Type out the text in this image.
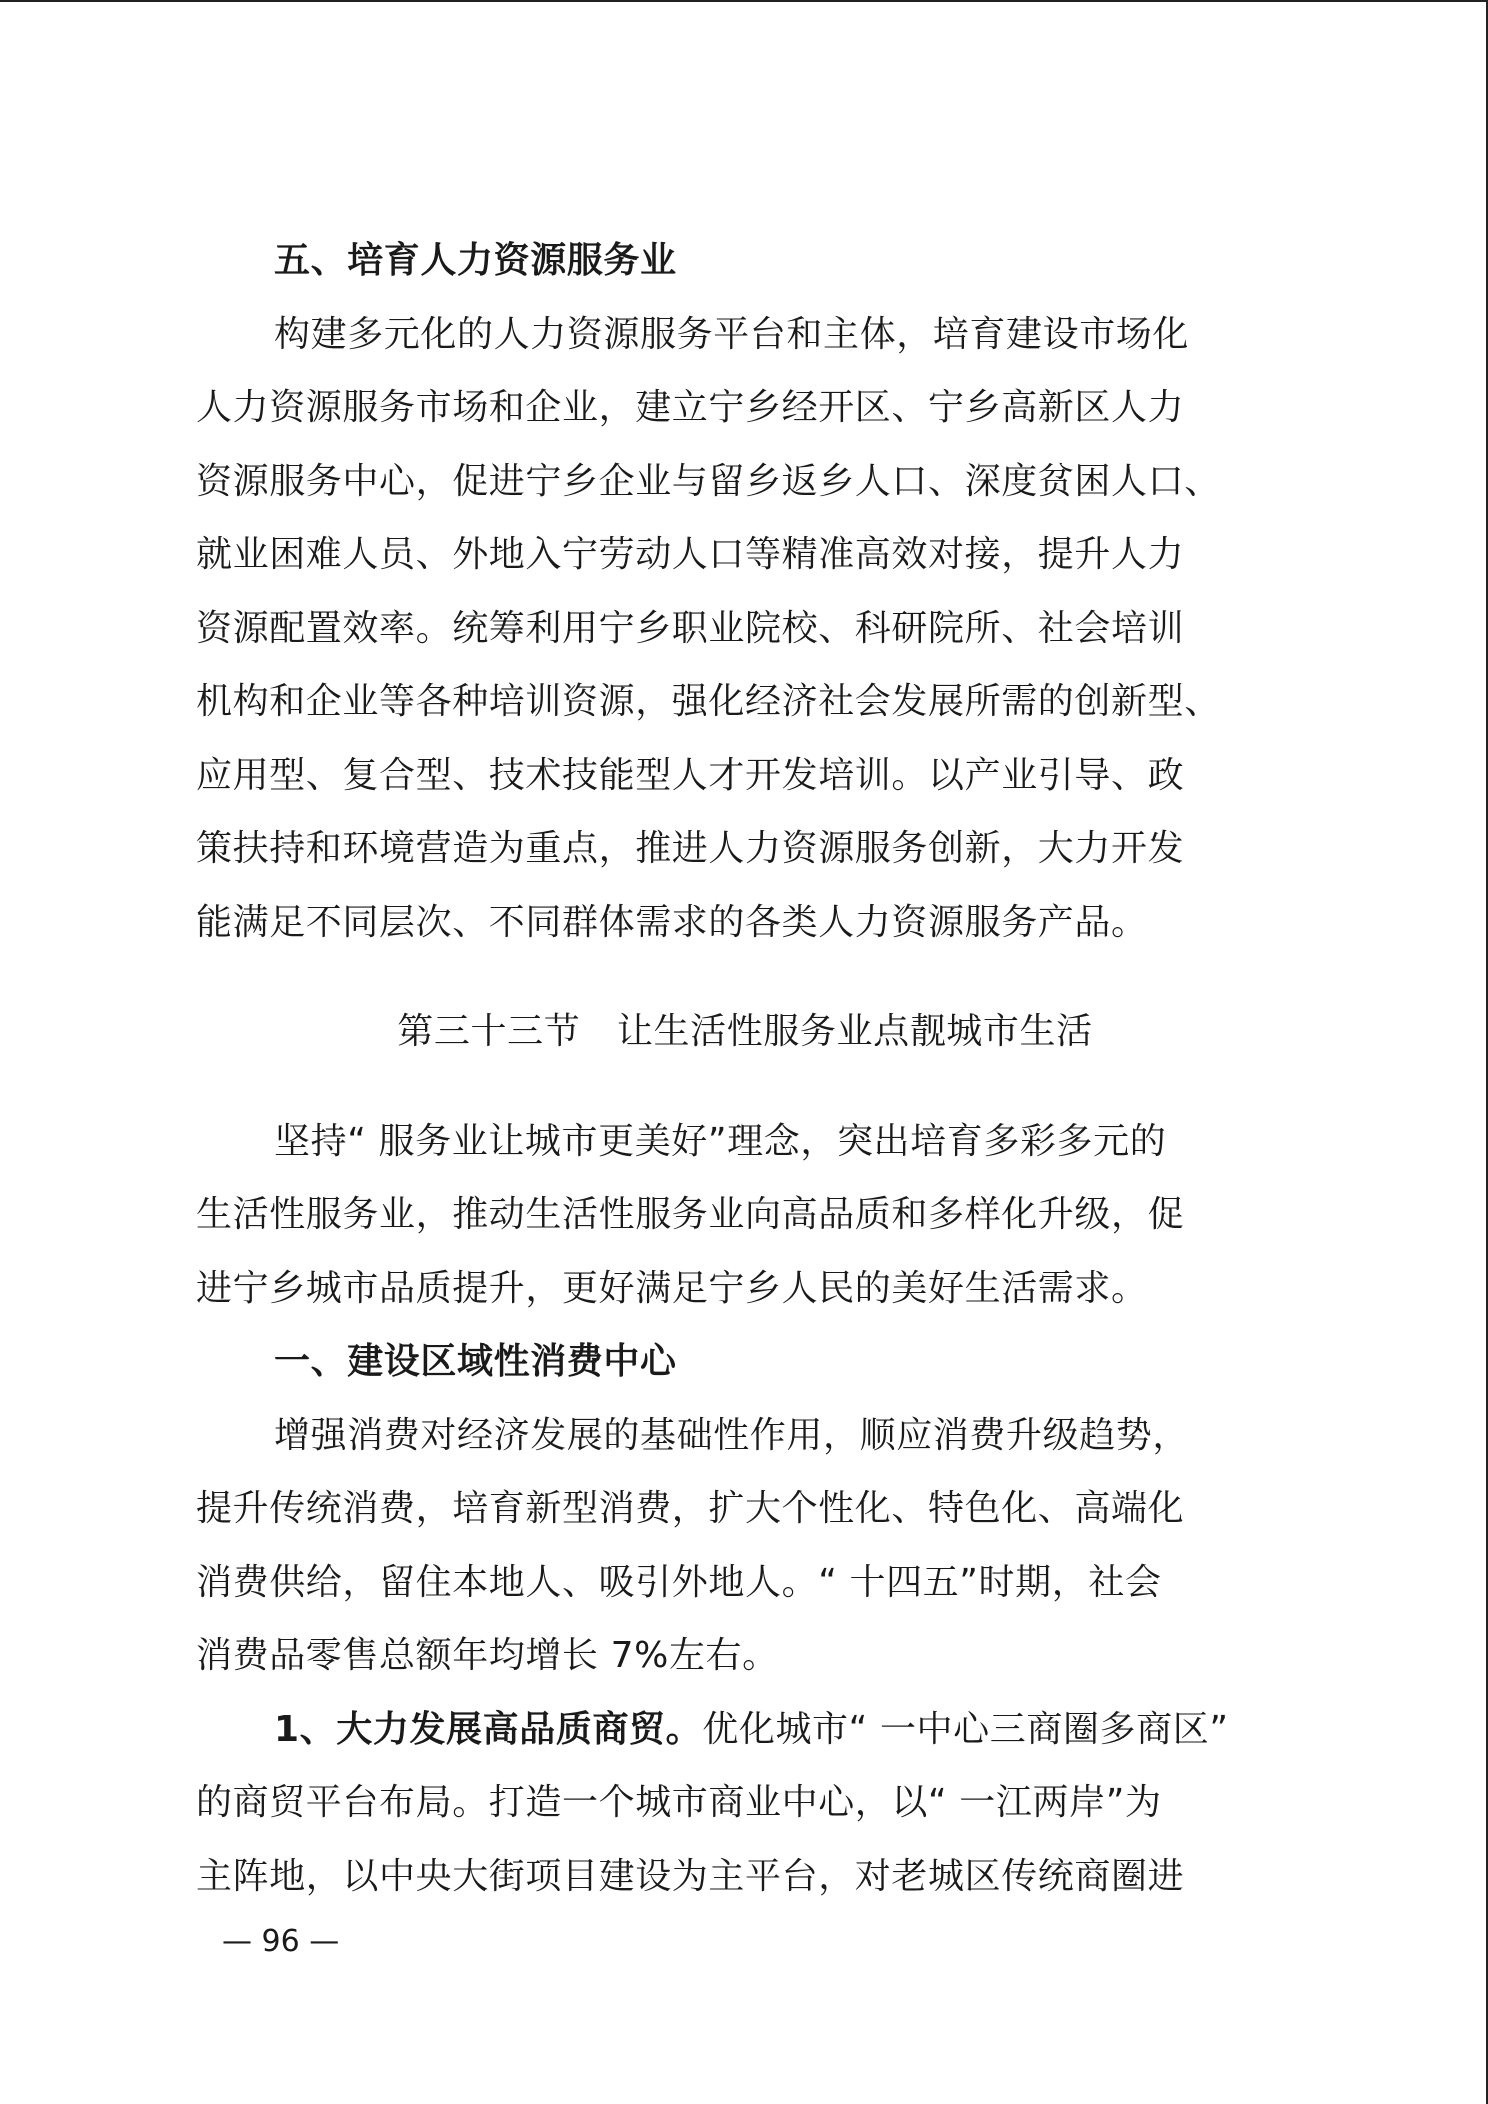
五、培育人力资源服务业
构建多元化的人力资源服务平台和主体，培育建设市场化
人力资源服务市场和企业，建立宁乡经开区、宁乡高新区人力
资源服务中心，促进宁乡企业与留乡返乡人口、深度贫困人口、
就业困难人员、外地入宁劳动人口等精准高效对接，提升人力
资源配置效率。统筹利用宁乡职业院校、科研院所、社会培训
机构和企业等各种培训资源，强化经济社会发展所需的创新型、
应用型、复合型、技术技能型人才开发培训。以产业引导、政
策扶持和环境营造为重点，推进人力资源服务创新，大力开发
能满足不同层次、不同群体需求的各类人力资源服务产品。
第三十三节　让生活性服务业点靓城市生活
坚持“ 服务业让城市更美好”理念，突出培育多彩多元的
生活性服务业，推动生活性服务业向高品质和多样化升级，促
进宁乡城市品质提升，更好满足宁乡人民的美好生活需求。
一、建设区域性消费中心
增强消费对经济发展的基础性作用，顺应消费升级趋势，
提升传统消费，培育新型消费，扩大个性化、特色化、高端化
消费供给，留住本地人、吸引外地人。“ 十四五”时期，社会
消费品零售总额年均增长 7%左右。
1、大力发展高品质商贸。优化城市“ 一中心三商圈多商区”
的商贸平台布局。打造一个城市商业中心，以“ 一江两岸”为
主阵地，以中央大街项目建设为主平台，对老城区传统商圈进
— 96 —
